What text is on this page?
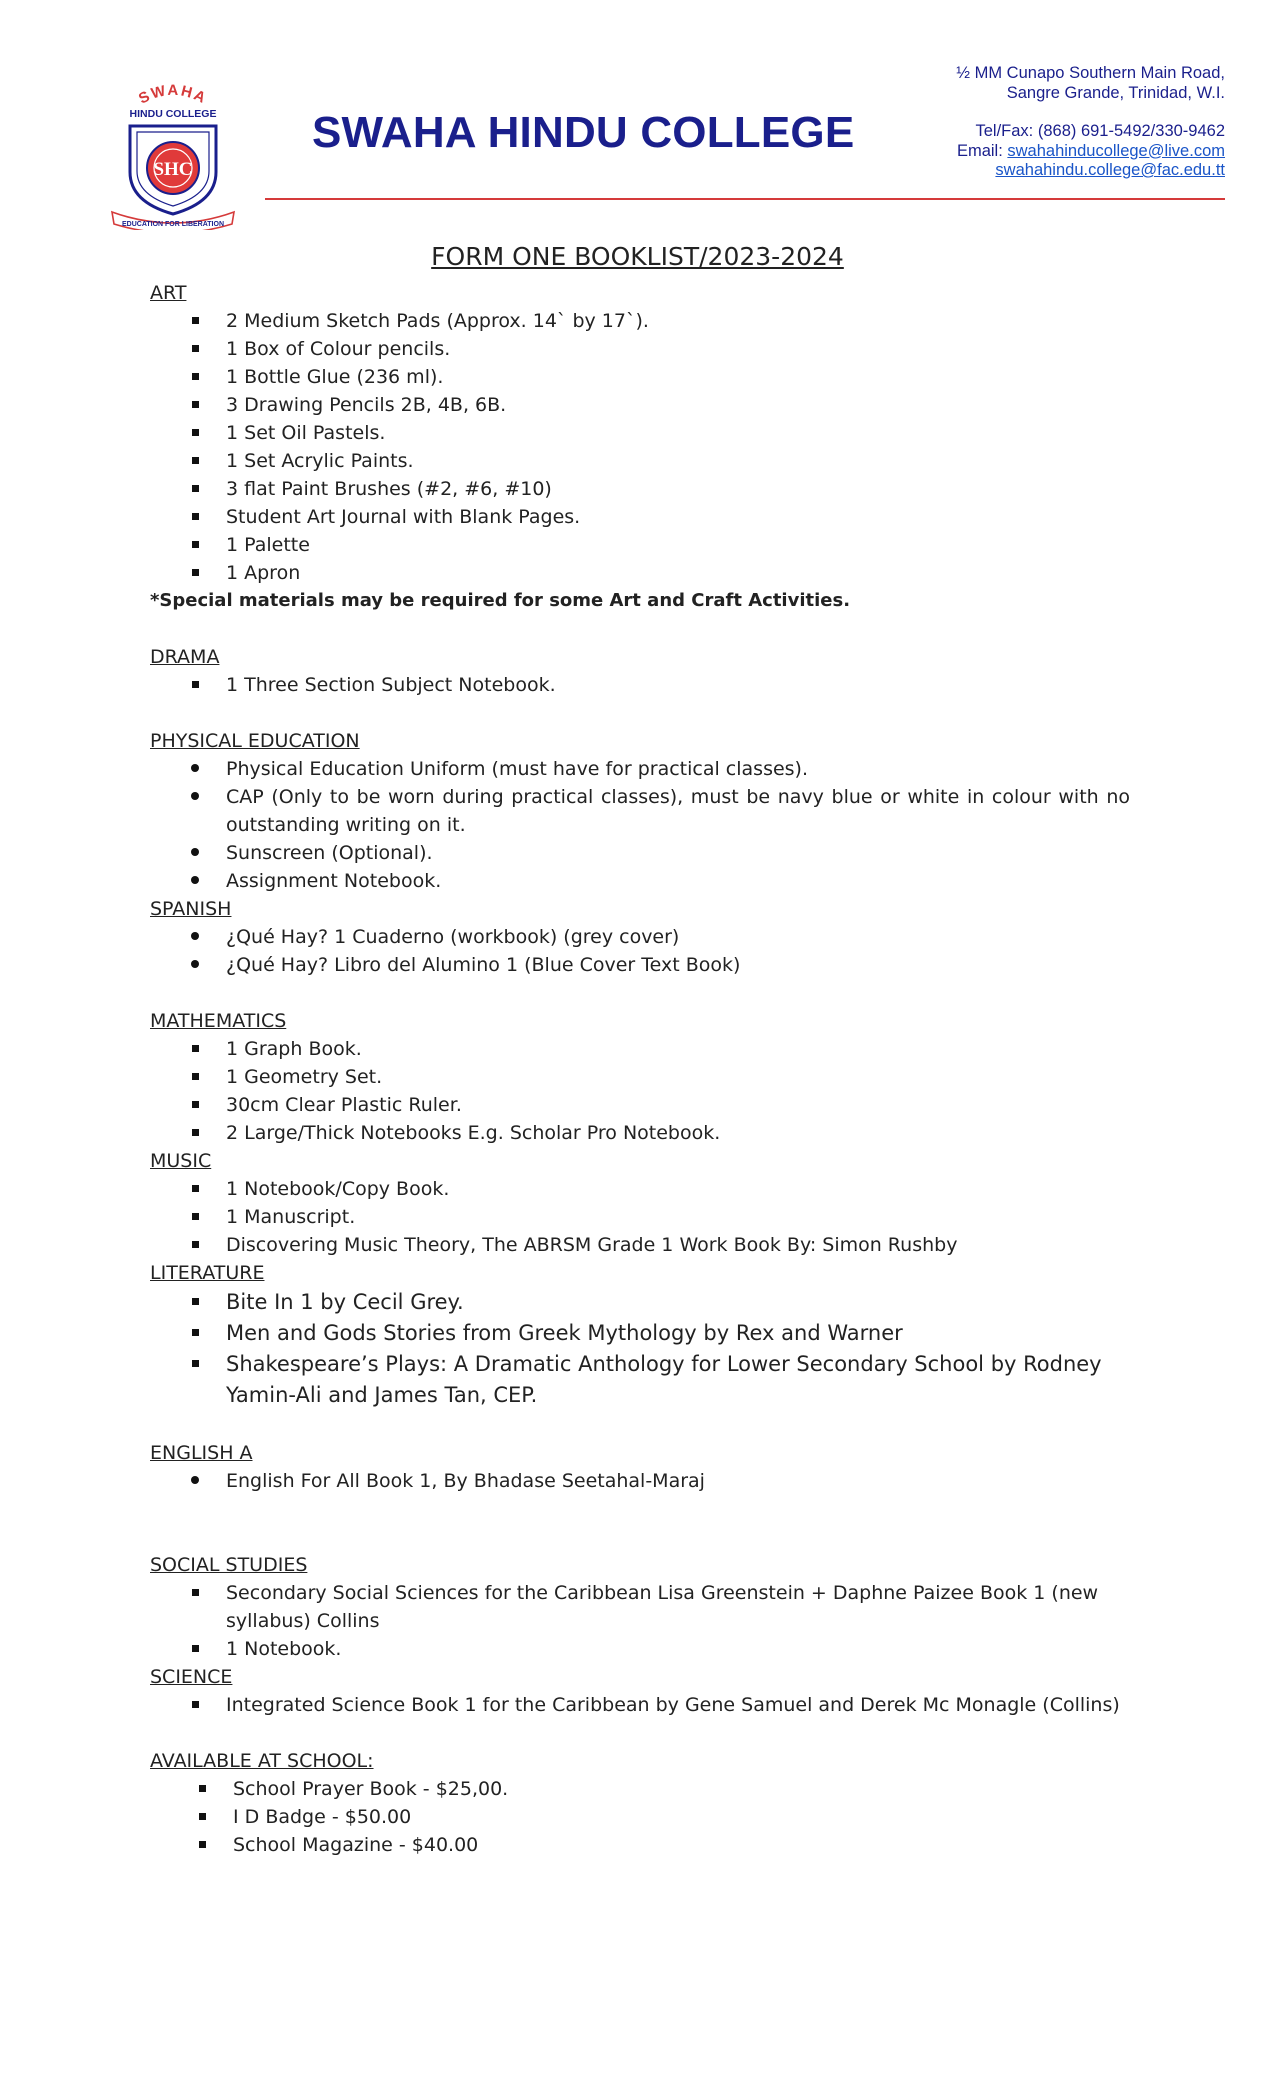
SWAHA
HINDU COLLEGE
SHC
EDUCATION FOR LIBERATION
SWAHA HINDU COLLEGE
½ MM Cunapo Southern Main Road,
Sangre Grande, Trinidad, W.I.
Tel/Fax: (868) 691-5492/330-9462
Email: swahahinducollege@live.com
swahahindu.college@fac.edu.tt
FORM ONE BOOKLIST/2023-2024
ART
2 Medium Sketch Pads (Approx. 14` by 17`).
1 Box of Colour pencils.
1 Bottle Glue (236 ml).
3 Drawing Pencils 2B, 4B, 6B.
1 Set Oil Pastels.
1 Set Acrylic Paints.
3 flat Paint Brushes (#2, #6, #10)
Student Art Journal with Blank Pages.
1 Palette
1 Apron
*Special materials may be required for some Art and Craft Activities.
DRAMA
1 Three Section Subject Notebook.
PHYSICAL EDUCATION
Physical Education Uniform (must have for practical classes).
CAP (Only to be worn during practical classes), must be navy blue or white in colour with no outstanding writing on it.
Sunscreen (Optional).
Assignment Notebook.
SPANISH
¿Qué Hay? 1 Cuaderno (workbook) (grey cover)
¿Qué Hay? Libro del Alumino 1 (Blue Cover Text Book)
MATHEMATICS
1 Graph Book.
1 Geometry Set.
30cm Clear Plastic Ruler.
2 Large/Thick Notebooks E.g. Scholar Pro Notebook.
MUSIC
1 Notebook/Copy Book.
1 Manuscript.
Discovering Music Theory, The ABRSM Grade 1 Work Book By: Simon Rushby
LITERATURE
Bite In 1 by Cecil Grey.
Men and Gods Stories from Greek Mythology by Rex and Warner
Shakespeare’s Plays: A Dramatic Anthology for Lower Secondary School by Rodney Yamin-Ali and James Tan, CEP.
ENGLISH A
English For All Book 1, By Bhadase Seetahal-Maraj
SOCIAL STUDIES
Secondary Social Sciences for the Caribbean Lisa Greenstein + Daphne Paizee Book 1 (new syllabus) Collins
1 Notebook.
SCIENCE
Integrated Science Book 1 for the Caribbean by Gene Samuel and Derek Mc Monagle (Collins)
AVAILABLE AT SCHOOL:
School Prayer Book - $25,00.
I D Badge - $50.00
School Magazine - $40.00
